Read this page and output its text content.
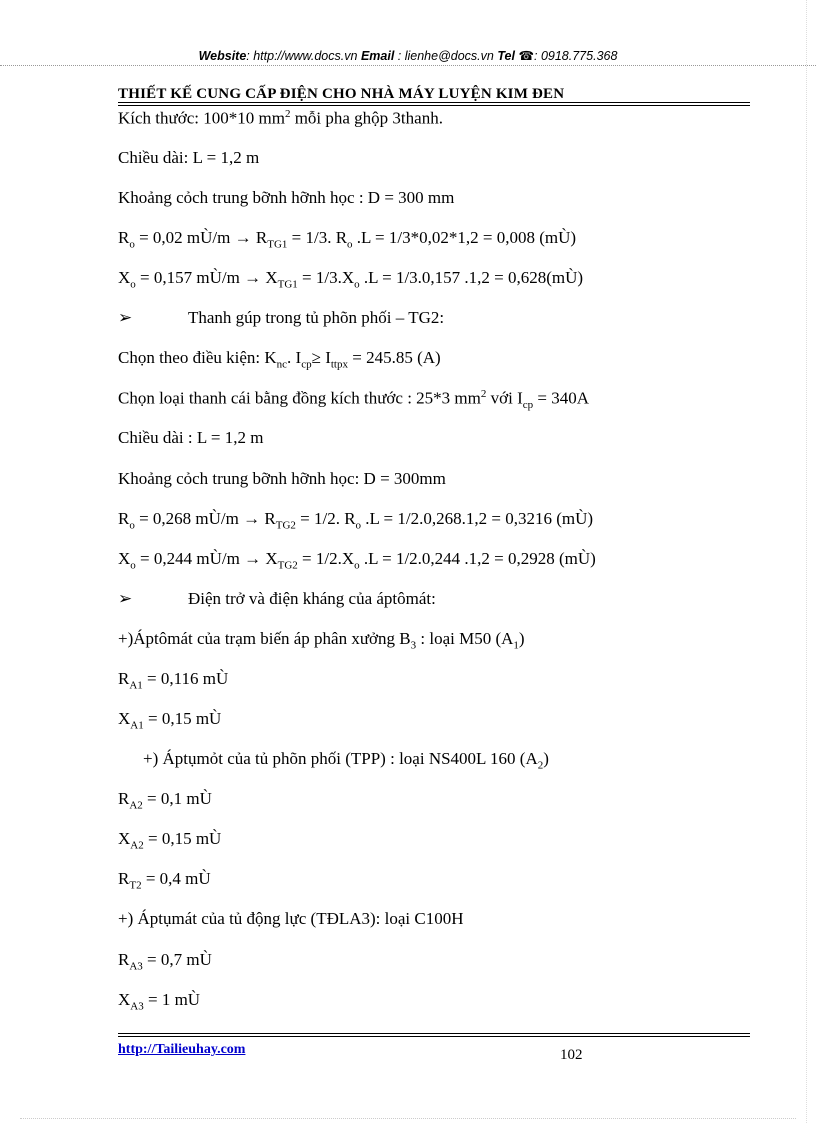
Website: http://www.docs.vn Email : lienhe@docs.vn Tel ☎: 0918.775.368
THIẾT KẾ CUNG CẤP ĐIỆN CHO NHÀ MÁY LUYỆN KIM ĐEN
Kích thước: 100*10 $mm^2$ mỗi pha ghộp 3thanh.
Chiều dài: L = 1,2 m
Khoảng cỏch trung bỡnh hỡnh học : D = 300 mm
$R_o = 0,02$ mÙ/m → $R_{TG1} = 1/3$. $R_o$ .L = 1/3*0,02*1,2 = 0,008 (mÙ)
$X_o = 0,157$ mÙ/m → $X_{TG1} = 1/3.X_o$ .L = 1/3.0,157 .1,2 = 0,628(mÙ)
➢	Thanh gúp trong tủ phõn phối – TG2:
Chọn theo điều kiện: $K_{nc}$. $I_{cp}\ge I_{ttpx} = 245.85$ (A)
Chọn loại thanh cái bằng đồng kích thước : 25*3 $mm^2$ với $I_{cp} = 340A$
Chiều dài : L = 1,2 m
Khoảng cỏch trung bỡnh hỡnh học: D = 300mm
$R_o = 0,268$ mÙ/m → $R_{TG2} = 1/2$. $R_o$ .L = 1/2.0,268.1,2 = 0,3216 (mÙ)
$X_o = 0,244$ mÙ/m → $X_{TG2} = 1/2.X_o$ .L = 1/2.0,244 .1,2 = 0,2928 (mÙ)
➢	Điện trở và điện kháng của áptômát:
+)Áptômát của trạm biến áp phân xưởng $B_3$ : loại M50 $(A_1)$
$R_{A1} = 0,116$ mÙ
$X_{A1} = 0,15$ mÙ
+) Áptụmỏt của tủ phõn phối (TPP) : loại NS400L 160 $(A_2)$
$R_{A2} = 0,1$ mÙ
$X_{A2} = 0,15$ mÙ
$R_{T2} = 0,4$ mÙ
+) Áptụmát của tủ động lực (TĐLA3): loại C100H
$R_{A3} = 0,7$ mÙ
$X_{A3} = 1$ mÙ
http://Tailieuhay.com	102
